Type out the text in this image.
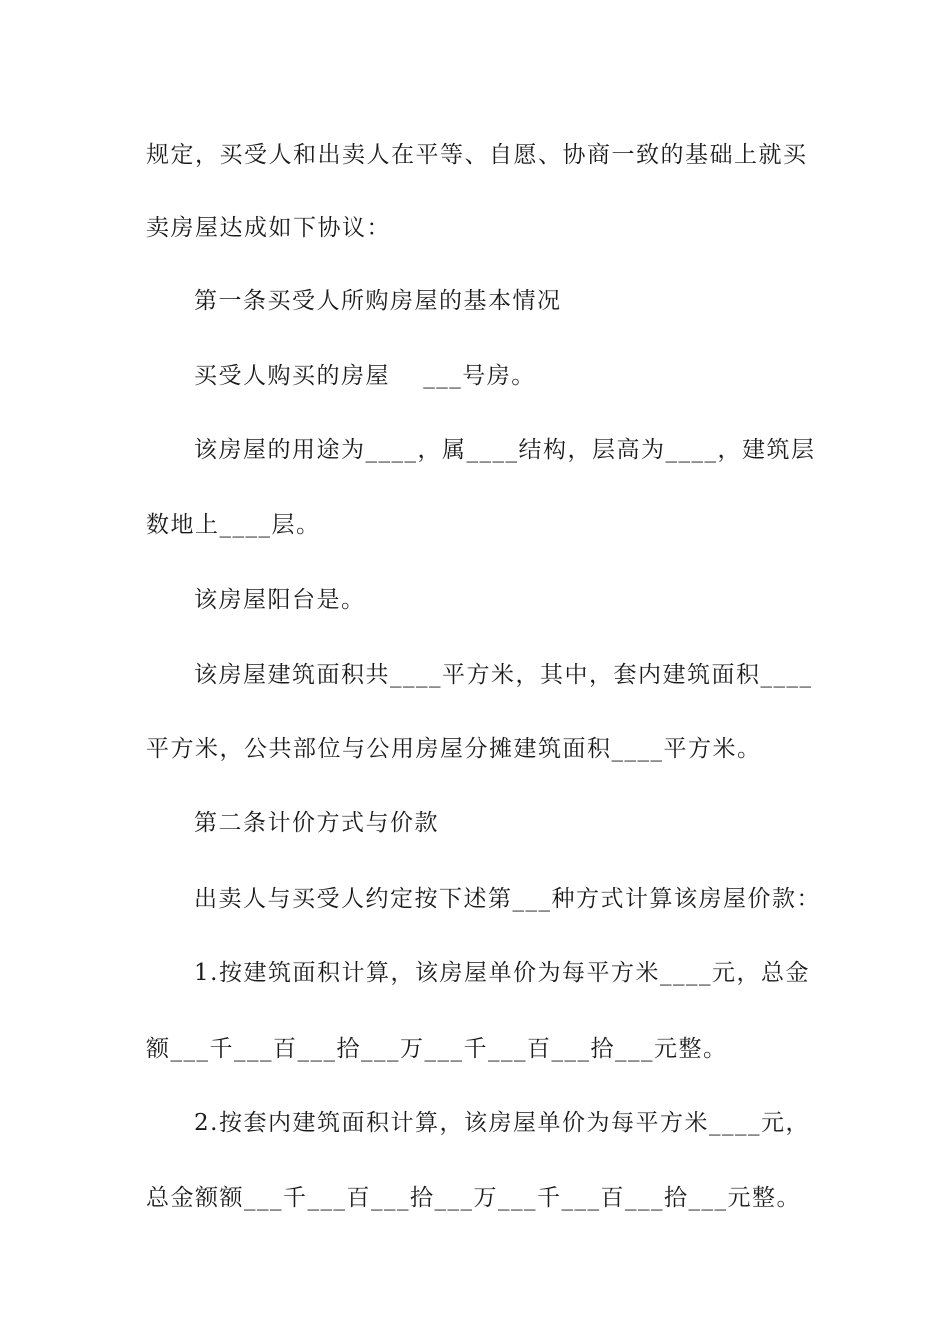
规定，买受人和出卖人在平等、自愿、协商一致的基础上就买
卖房屋达成如下协议：
第一条买受人所购房屋的基本情况
买受人购买的房屋　 ___号房。
该房屋的用途为____，属____结构，层高为____，建筑层
数地上____层。
该房屋阳台是。
该房屋建筑面积共____平方米，其中，套内建筑面积____
平方米，公共部位与公用房屋分摊建筑面积____平方米。
第二条计价方式与价款
出卖人与买受人约定按下述第___种方式计算该房屋价款：
1.按建筑面积计算，该房屋单价为每平方米____元，总金
额___千___百___拾___万___千___百___拾___元整。
2.按套内建筑面积计算，该房屋单价为每平方米____元，
总金额额___千___百___拾___万___千___百___拾___元整。
